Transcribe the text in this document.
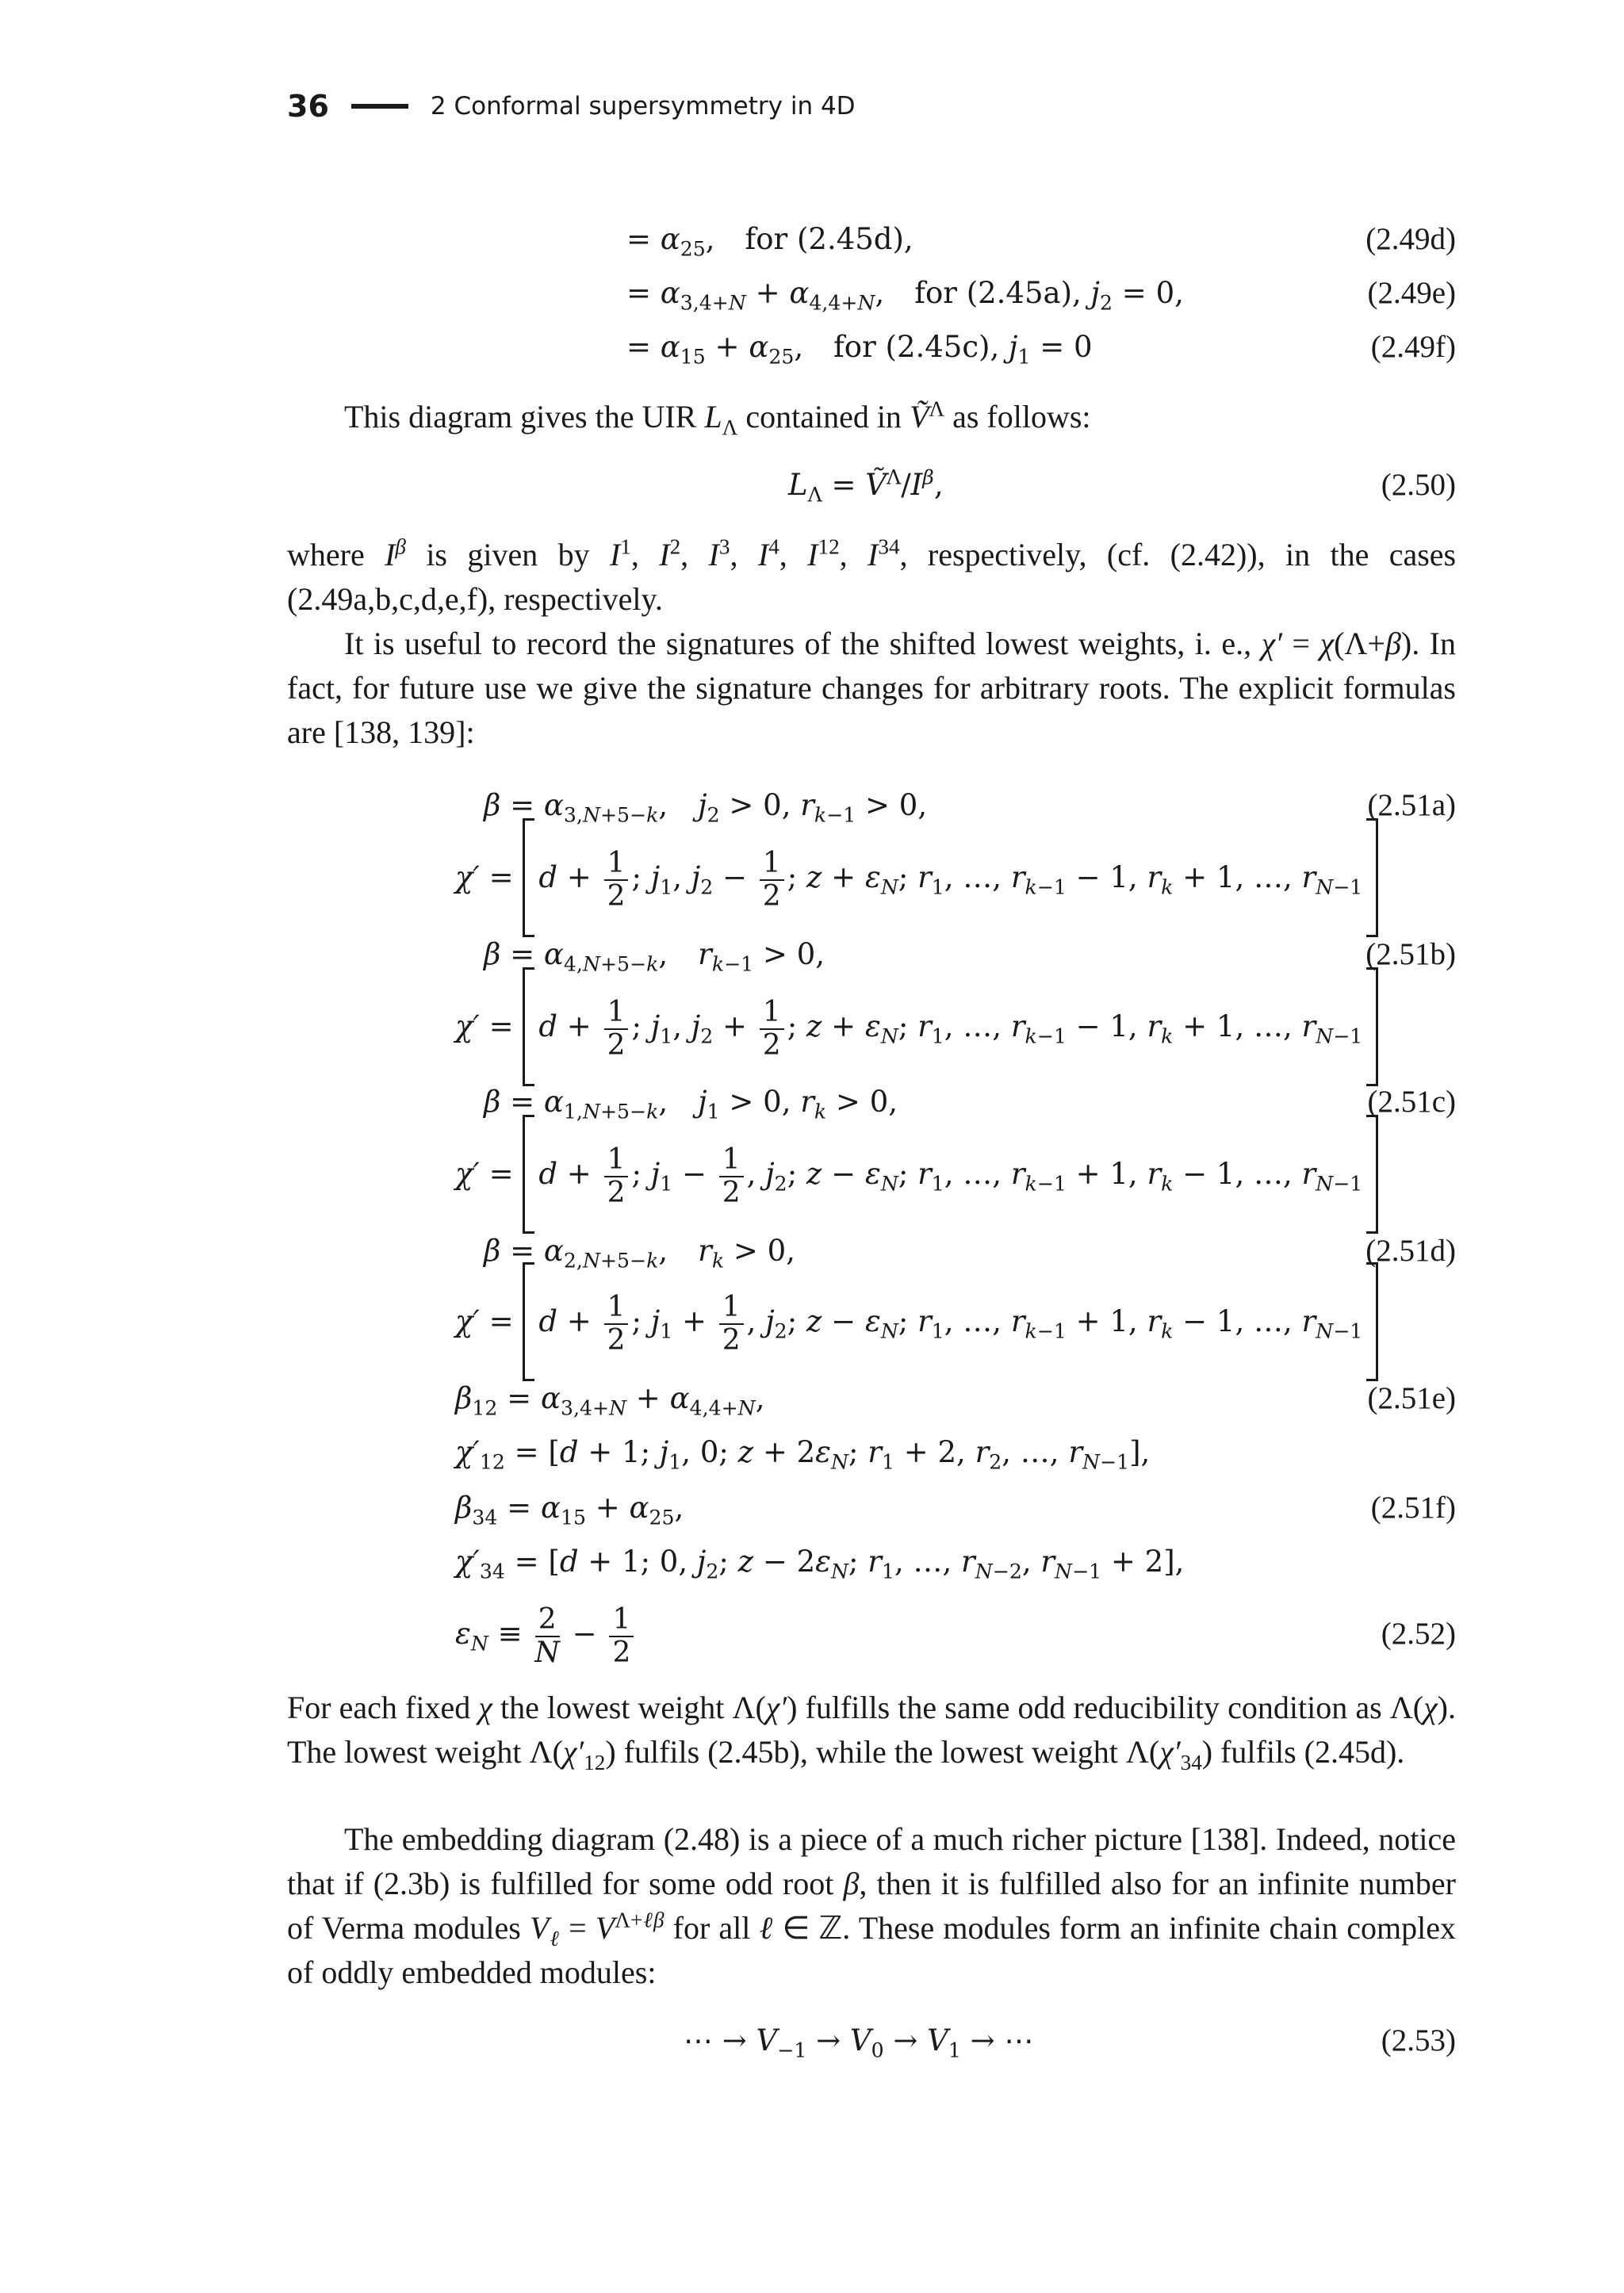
36	2 Conformal supersymmetry in 4D
= $\alpha_{25}$, for (2.45d),	(2.49d)
= $\alpha_{3,4+N} + \alpha_{4,4+N}$, for (2.45a), $j_2 = 0$,	(2.49e)
= $\alpha_{15} + \alpha_{25}$, for (2.45c), $j_1 = 0$	(2.49f)
This diagram gives the UIR $L_\Lambda$ contained in Ṽ$^\Lambda$ as follows:
$L_\Lambda$ = $Ṽ^\Lambda/I^\beta$,	(2.50)
where $I^\beta$ is given by $I^1$, $I^2$, $I^3$, $I^4$, $I^{12}$, $I^{34}$, respectively, (cf. (2.42)), in the cases (2.49a,b,c,d,e,f), respectively.
It is useful to record the signatures of the shifted lowest weights, i. e., χ′ = χ(Λ+β). In fact, for future use we give the signature changes for arbitrary roots. The explicit formulas are [138, 139]:
$\beta = \alpha_{3,N+5-k}$, $j_2 > 0$, $r_{k-1} > 0$,	(2.51a)
$\chi' = d + \frac{1}{2}$ ; $j_1$, $j_2 - \frac{1}{2}$ ; $z + \varepsilon_N$; $r_1$, …, $r_{k-1} - 1$, $r_k + 1$, …, $r_{N-1}$
$\beta = \alpha_{4,N+5-k}$, $r_{k-1} > 0$,	(2.51b)
$\chi' = d + \frac{1}{2}$ ; $j_1$, $j_2 + \frac{1}{2}$ ; $z + \varepsilon_N$; $r_1$, …, $r_{k-1} - 1$, $r_k + 1$, …, $r_{N-1}$
$\beta = \alpha_{1,N+5-k}$, $j_1 > 0$, $r_k > 0$,	(2.51c)
$\chi' = d + \frac{1}{2}$ ; $j_1 - \frac{1}{2}$ , $j_2$; $z - \varepsilon_N$; $r_1$, …, $r_{k-1} + 1$, $r_k - 1$, …, $r_{N-1}$
$\beta = \alpha_{2,N+5-k}$, $r_k > 0$,	(2.51d)
$\chi' = d + \frac{1}{2}$ ; $j_1 + \frac{1}{2}$ , $j_2$; $z - \varepsilon_N$; $r_1$, …, $r_{k-1} + 1$, $r_k - 1$, …, $r_{N-1}$
$\beta_{12} = \alpha_{3,4+N} + \alpha_{4,4+N}$,	(2.51e)
$\chi'_{12} = [d + 1$; $j_1$, 0; $z + 2\varepsilon_N$; $r_1 + 2$, $r_2$, …, $r_{N-1}$],
$\beta_{34} = \alpha_{15} + \alpha_{25}$,	(2.51f)
$\chi'_{34} = [d + 1$; 0, $j_2$; $z - 2\varepsilon_N$; $r_1$, …, $r_{N-2}$, $r_{N-1} + 2$],
$\varepsilon_N \equiv \frac{2}{N} - \frac{1}{2}$	(2.52)
For each fixed χ the lowest weight Λ(χ′) fulfills the same odd reducibility condition as Λ(χ). The lowest weight $\Lambda(\chi'_{12})$ fulfils (2.45b), while the lowest weight $\Lambda(\chi'_{34})$ fulfils (2.45d).
The embedding diagram (2.48) is a piece of a much richer picture [138]. Indeed, notice that if (2.3b) is fulfilled for some odd root β, then it is fulfilled also for an infinite number of Verma modules $V_\ell = V^{\Lambda+\ell\beta}$ for all ℓ ∈ ℤ. These modules form an infinite chain complex of oddly embedded modules:
⋯ → $V_{-1} \to V_0 \to V_1$ → ⋯	(2.53)
